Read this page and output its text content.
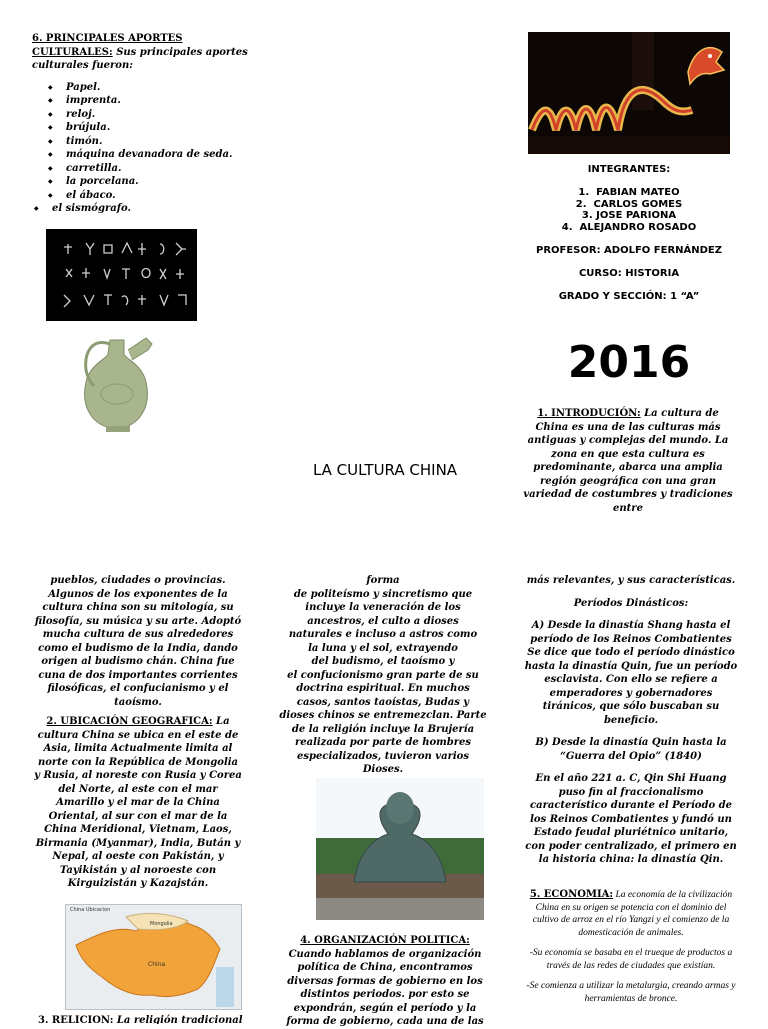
6. PRINCIPALES APORTES CULTURALES: Sus principales aportes culturales fueron:
◆ Papel.
◆ imprenta.
◆ reloj.
◆ brújula.
◆ timón.
◆ máquina devanadora de seda.
◆ carretilla.
◆ la porcelana.
◆ el ábaco.
◆ el sismógrafo.
INTEGRANTES:
1.  FABIAN MATEO
2.  CARLOS GOMES
3. JOSE PARIONA
4.  ALEJANDRO ROSADO
PROFESOR: ADOLFO FERNÁNDEZ
CURSO: HISTORIA
GRADO Y SECCIÓN: 1 “A”
2016
LA CULTURA CHINA
1. INTRODUCIÓN: La cultura de China es una de las culturas más antiguas y complejas del mundo. La zona en que esta cultura es predominante, abarca una amplia región geográfica con una gran variedad de costumbres y tradiciones entre
pueblos, ciudades o provincias. Algunos de los exponentes de la cultura china son su mitología, su filosofía, su música y su arte. Adoptó mucha cultura de sus alrededores como el budismo de la India, dando origen al budismo chán. China fue cuna de dos importantes corrientes filosóficas, el confucianismo y el taoísmo.
2. UBICACIÓN GEOGRAFICA: La cultura China se ubica en el este de Asia, limita Actualmente limita al norte con la República de Mongolia y Rusia, al noreste con Rusia y Corea del Norte, al este con el mar Amarillo y el mar de la China Oriental, al sur con el mar de la China Meridional, Vietnam, Laos, Birmania (Myanmar), India, Bután y Nepal, al oeste con Pakistán, y Tayikistán y al noroeste con Kirguizistán y Kazajstán.
China Ubicacion
Mongolia
China
3. RELICION: La religión tradicional
forma
de politeísmo y sincretismo que
incluye la veneración de los
ancestros, el culto a dioses
naturales e incluso a astros como
la luna y el sol, extrayendo
del budismo, el taoísmo y
el confucionismo gran parte de su
doctrina espiritual. En muchos
casos, santos taoístas, Budas y
dioses chinos se entremezclan. Parte
de la religión incluye la Brujería
realizada por parte de hombres
especializados, tuvieron varios
Dioses.
4. ORGANIZACIÓN POLITICA:
Cuando hablamos de organización política de China, encontramos diversas formas de gobierno en los distintos periodos. por esto se expondrán, según el período y la forma de gobierno, cada una de las

más relevantes, y sus características.

Períodos Dinásticos:

A) Desde la dinastía Shang hasta el período de los Reinos Combatientes Se dice que todo el período dinástico hasta la dinastía Quin, fue un período esclavista. Con ello se refiere a emperadores y gobernadores tiránicos, que sólo buscaban su beneficio.

B) Desde la dinastía Quin hasta la “Guerra del Opio” (1840)

En el año 221 a. C, Qin Shi Huang puso fin al fraccionalismo característico durante el Período de los Reinos Combatientes y fundó un Estado feudal pluriétnico unitario, con poder centralizado, el primero en la historia china: la dinastía Qin.

5. ECONOMIA: La economía de la civilización China en su origen se potencia con el dominio del cultivo de arroz en el río Yangzi y el comienzo de la domesticación de animales.

-Su economía se basaba en el trueque de productos a través de las redes de ciudades que existían.

-Se comienza a utilizar la metalurgia, creando armas y herramientas de bronce.
